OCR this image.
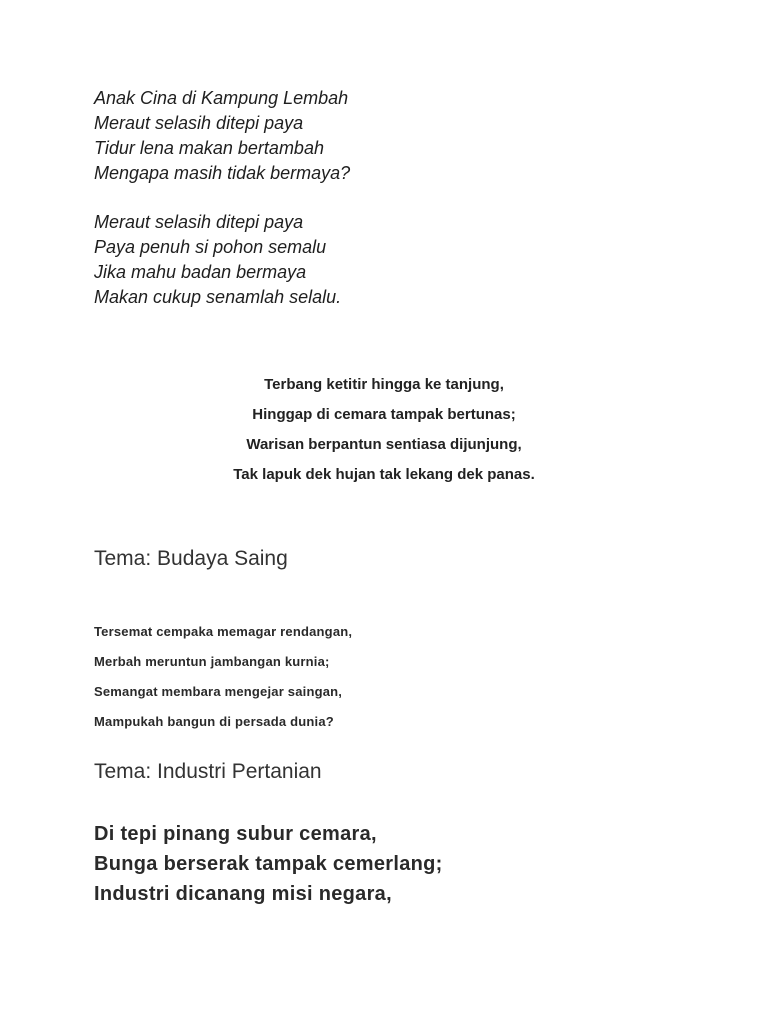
Anak Cina di Kampung Lembah
Meraut selasih ditepi paya
Tidur lena makan bertambah
Mengapa masih tidak bermaya?
Meraut selasih ditepi paya
Paya penuh si pohon semalu
Jika mahu badan bermaya
Makan cukup senamlah selalu.
Terbang ketitir hingga ke tanjung,
Hinggap di cemara tampak bertunas;
Warisan berpantun sentiasa dijunjung,
Tak lapuk dek hujan tak lekang dek panas.
Tema: Budaya Saing
Tersemat cempaka memagar rendangan,
Merbah meruntun jambangan kurnia;
Semangat membara mengejar saingan,
Mampukah bangun di persada dunia?
Tema: Industri Pertanian
Di tepi pinang subur cemara,
Bunga berserak tampak cemerlang;
Industri dicanang misi negara,
